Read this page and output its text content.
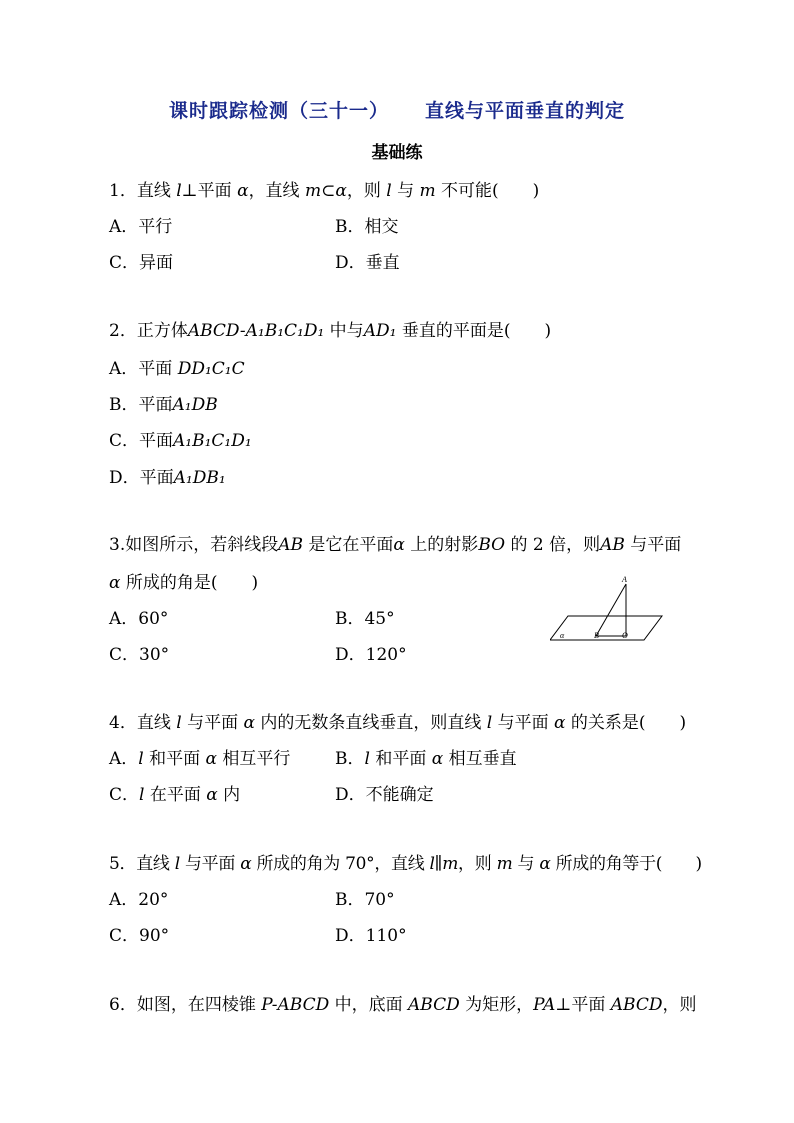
课时跟踪检测（三十一） 直线与平面垂直的判定
基础练
1．直线 l⊥平面 α，直线 m⊂α，则 l 与 m 不可能(　　)
A．平行	B．相交
C．异面	D．垂直
2．正方体ABCD-A₁B₁C₁D₁ 中与AD₁ 垂直的平面是(　　)
A．平面 DD₁C₁C
B．平面A₁DB
C．平面A₁B₁C₁D₁
D．平面A₁DB₁
3.如图所示，若斜线段AB 是它在平面α 上的射影BO 的 2 倍，则AB 与平面
α 所成的角是(　　)
A．60°	B．45°
C．30°	D．120°
A
B	O
α
4．直线 l 与平面 α 内的无数条直线垂直，则直线 l 与平面 α 的关系是(　　)
A．l 和平面 α 相互平行	B．l 和平面 α 相互垂直
C．l 在平面 α 内	D．不能确定
5．直线 l 与平面 α 所成的角为 70°，直线 l∥m，则 m 与 α 所成的角等于(　　)
A．20°	B．70°
C．90°	D．110°
6．如图，在四棱锥 P-ABCD 中，底面 ABCD 为矩形，PA⊥平面 ABCD，则
